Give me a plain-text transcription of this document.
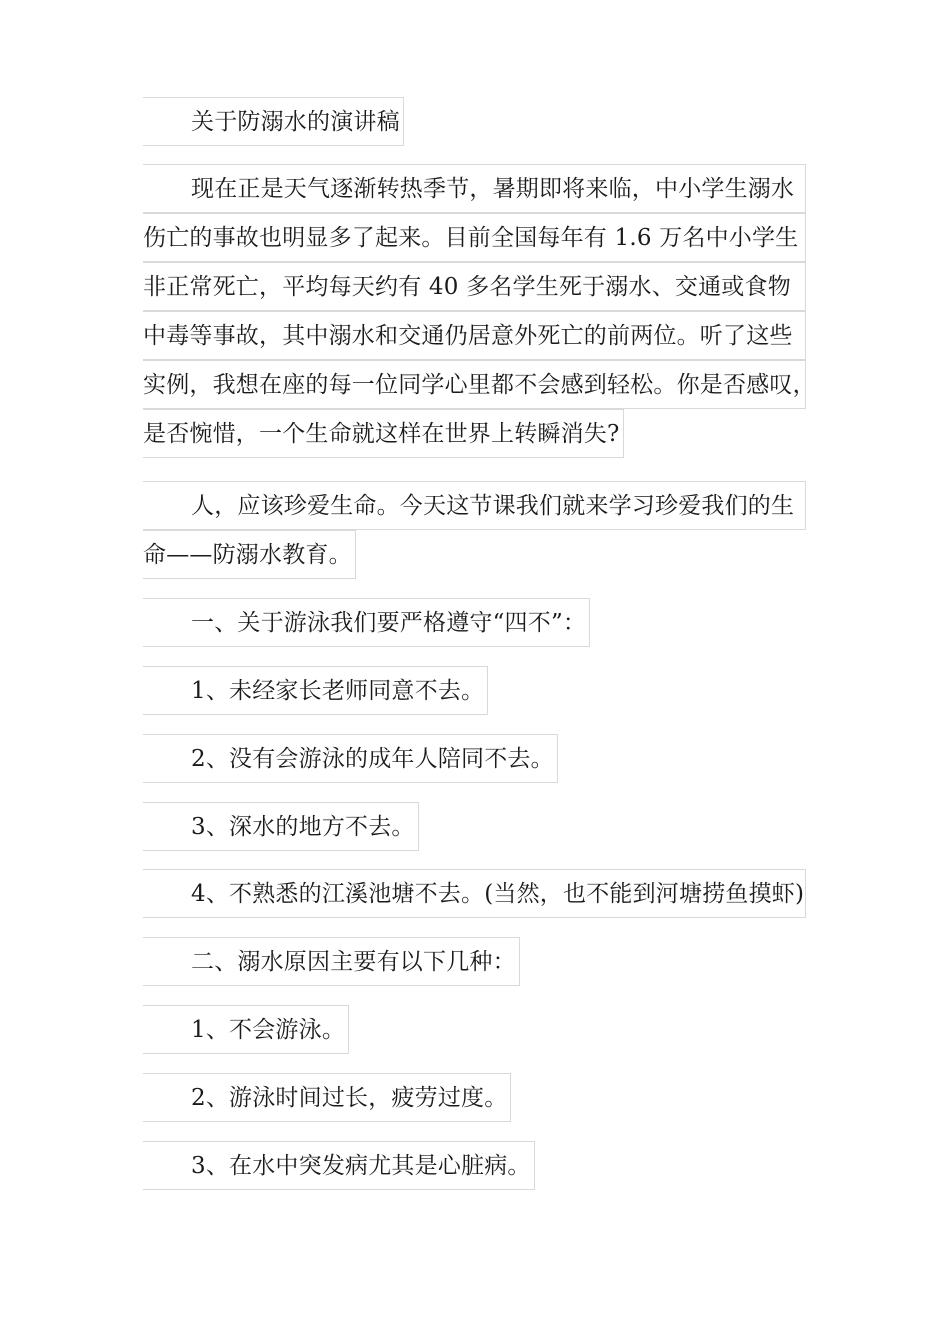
关于防溺水的演讲稿
现在正是天气逐渐转热季节，暑期即将来临，中小学生溺水
伤亡的事故也明显多了起来。目前全国每年有 1.6 万名中小学生
非正常死亡，平均每天约有 40 多名学生死于溺水、交通或食物
中毒等事故，其中溺水和交通仍居意外死亡的前两位。听了这些
实例，我想在座的每一位同学心里都不会感到轻松。你是否感叹，
是否惋惜，一个生命就这样在世界上转瞬消失?
人，应该珍爱生命。今天这节课我们就来学习珍爱我们的生
命——防溺水教育。
一、关于游泳我们要严格遵守“四不”：
1、未经家长老师同意不去。
2、没有会游泳的成年人陪同不去。
3、深水的地方不去。
4、不熟悉的江溪池塘不去。(当然，也不能到河塘捞鱼摸虾)
二、溺水原因主要有以下几种：
1、不会游泳。
2、游泳时间过长，疲劳过度。
3、在水中突发病尤其是心脏病。
